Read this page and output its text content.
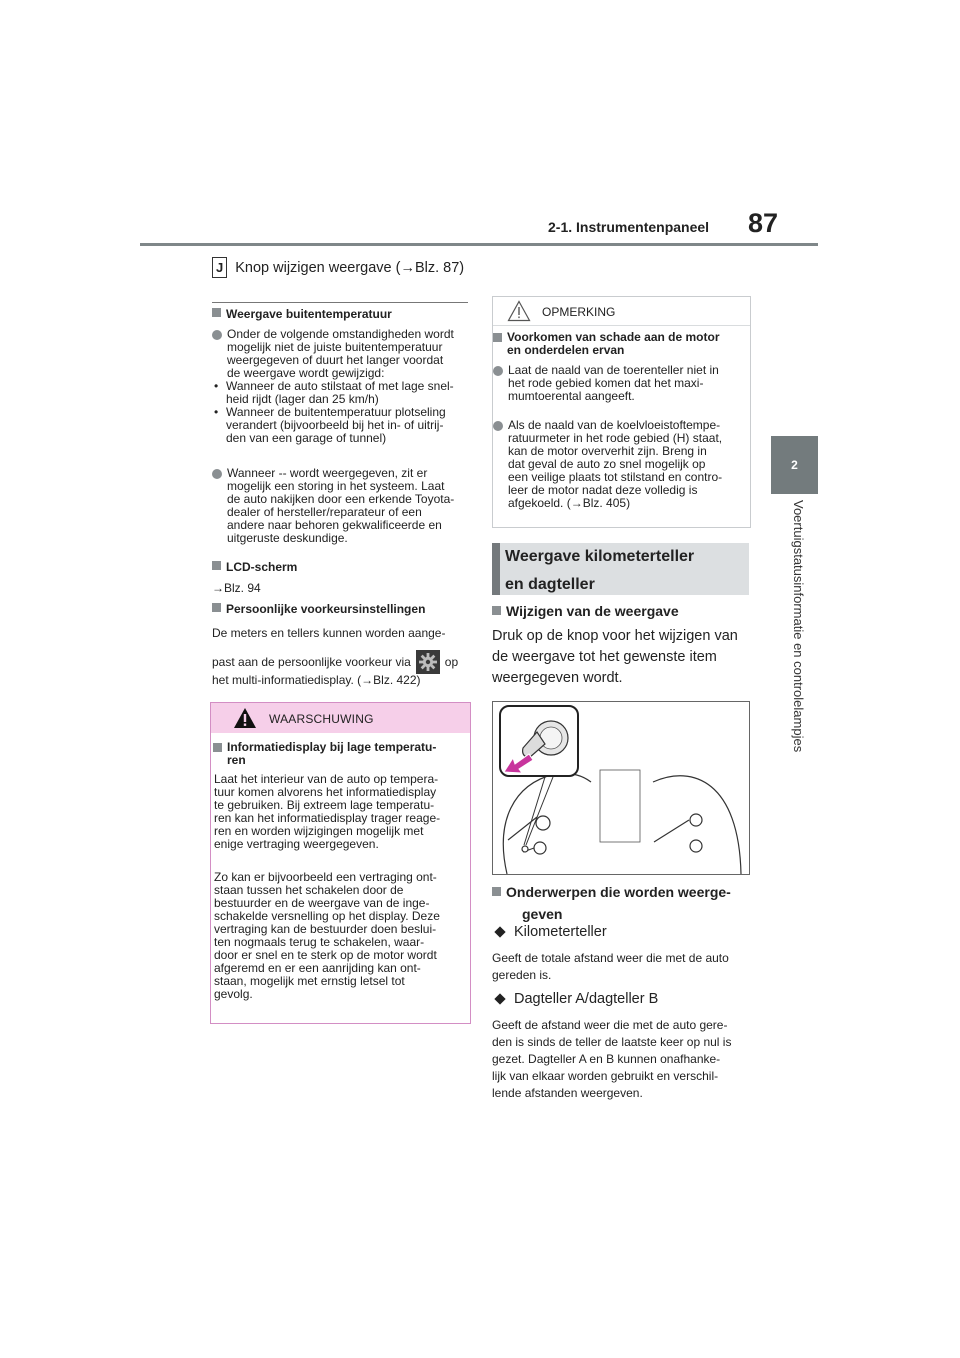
2-1. Instrumentenpaneel 87
2
Voertuigstatusinformatie en controlelampjes
J Knop wijzigen weergave (→Blz. 87)
Weergave buitentemperatuur
Onder de volgende omstandigheden wordt
mogelijk niet de juiste buitentemperatuur
weergegeven of duurt het langer voordat
de weergave wordt gewijzigd:
• Wanneer de auto stilstaat of met lage snel-
heid rijdt (lager dan 25 km/h)
• Wanneer de buitentemperatuur plotseling
verandert (bijvoorbeeld bij het in- of uitrij-
den van een garage of tunnel)
Wanneer -- wordt weergegeven, zit er
mogelijk een storing in het systeem. Laat
de auto nakijken door een erkende Toyota-
dealer of hersteller/reparateur of een
andere naar behoren gekwalificeerde en
uitgeruste deskundige.
LCD-scherm
→Blz. 94
Persoonlijke voorkeursinstellingen
De meters en tellers kunnen worden aange-
past aan de persoonlijke voorkeur via	op
het multi-informatiedisplay. (→Blz. 422)
WAARSCHUWING
Informatiedisplay bij lage temperatu-
ren
Laat het interieur van de auto op tempera-
tuur komen alvorens het informatiedisplay
te gebruiken. Bij extreem lage temperatu-
ren kan het informatiedisplay trager reage-
ren en worden wijzigingen mogelijk met
enige vertraging weergegeven.
Zo kan er bijvoorbeeld een vertraging ont-
staan tussen het schakelen door de
bestuurder en de weergave van de inge-
schakelde versnelling op het display. Deze
vertraging kan de bestuurder doen beslui-
ten nogmaals terug te schakelen, waar-
door er snel en te sterk op de motor wordt
afgeremd en er een aanrijding kan ont-
staan, mogelijk met ernstig letsel tot
gevolg.
OPMERKING
Voorkomen van schade aan de motor
en onderdelen ervan
Laat de naald van de toerenteller niet in
het rode gebied komen dat het maxi-
mumtoerental aangeeft.
Als de naald van de koelvloeistoftempe-
ratuurmeter in het rode gebied (H) staat,
kan de motor oververhit zijn. Breng in
dat geval de auto zo snel mogelijk op
een veilige plaats tot stilstand en contro-
leer de motor nadat deze volledig is
afgekoeld. (→Blz. 405)
Weergave kilometerteller
en dagteller
Wijzigen van de weergave
Druk op de knop voor het wijzigen van
de weergave tot het gewenste item
weergegeven wordt.
Onderwerpen die worden weerge-
geven
Kilometerteller
Geeft de totale afstand weer die met de auto
gereden is.
Dagteller A/dagteller B
Geeft de afstand weer die met de auto gere-
den is sinds de teller de laatste keer op nul is
gezet. Dagteller A en B kunnen onafhanke-
lijk van elkaar worden gebruikt en verschil-
lende afstanden weergeven.
